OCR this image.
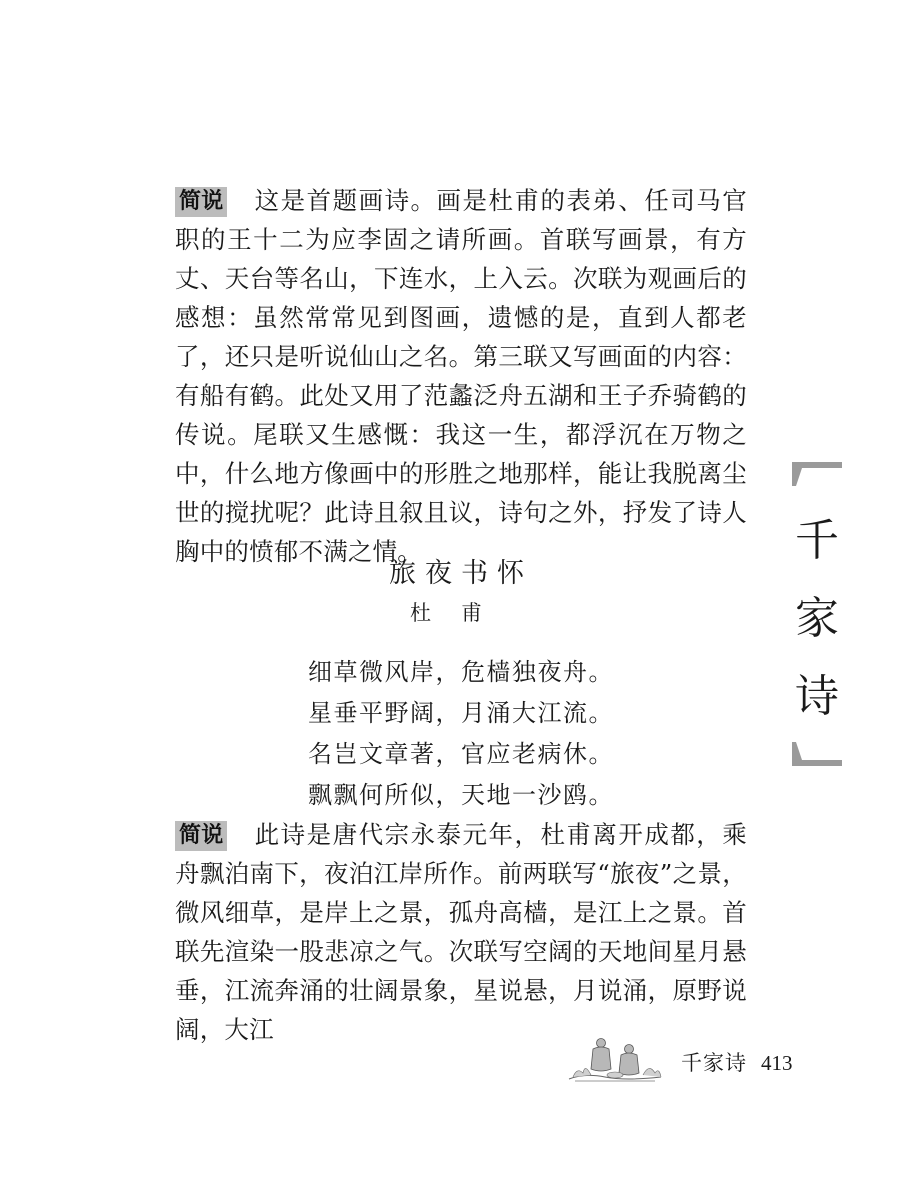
简说 这是首题画诗。画是杜甫的表弟、任司马官职的王十二为应李固之请所画。首联写画景，有方丈、天台等名山，下连水，上入云。次联为观画后的感想：虽然常常见到图画，遗憾的是，直到人都老了，还只是听说仙山之名。第三联又写画面的内容：有船有鹤。此处又用了范蠡泛舟五湖和王子乔骑鹤的传说。尾联又生感慨：我这一生，都浮沉在万物之中，什么地方像画中的形胜之地那样，能让我脱离尘世的搅扰呢？此诗且叙且议，诗句之外，抒发了诗人胸中的愤郁不满之情。
旅夜书怀
杜甫
细草微风岸，危樯独夜舟。
星垂平野阔，月涌大江流。
名岂文章著，官应老病休。
飘飘何所似，天地一沙鸥。
简说 此诗是唐代宗永泰元年，杜甫离开成都，乘舟飘泊南下，夜泊江岸所作。前两联写“旅夜”之景，微风细草，是岸上之景，孤舟高樯，是江上之景。首联先渲染一股悲凉之气。次联写空阔的天地间星月悬垂，江流奔涌的壮阔景象，星说悬，月说涌，原野说阔，大江
千
家
诗
千家诗 413
